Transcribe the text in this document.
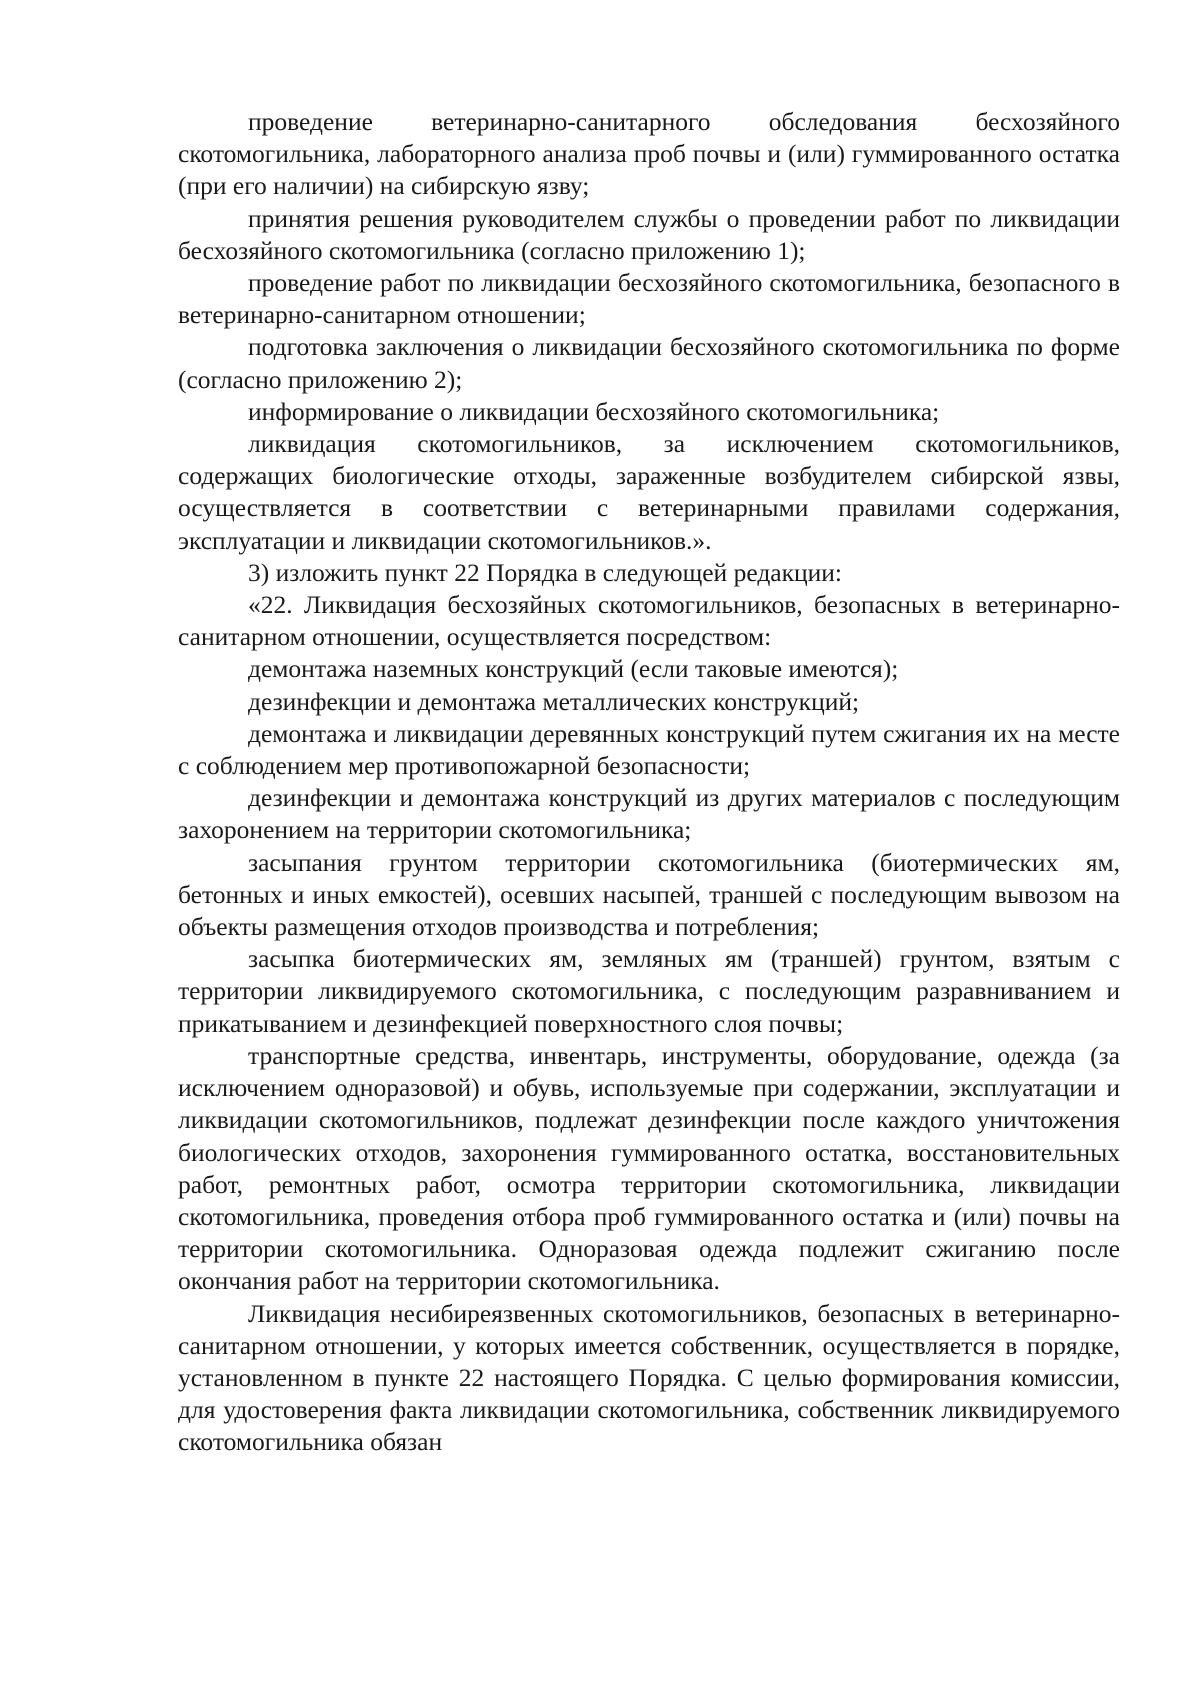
проведение ветеринарно-санитарного обследования бесхозяйного скотомогильника, лабораторного анализа проб почвы и (или) гуммированного остатка (при его наличии) на сибирскую язву;

принятия решения руководителем службы о проведении работ по ликвидации бесхозяйного скотомогильника (согласно приложению 1);

проведение работ по ликвидации бесхозяйного скотомогильника, безопасного в ветеринарно-санитарном отношении;

подготовка заключения о ликвидации бесхозяйного скотомогильника по форме (согласно приложению 2);

информирование о ликвидации бесхозяйного скотомогильника;

ликвидация скотомогильников, за исключением скотомогильников, содержащих биологические отходы, зараженные возбудителем сибирской язвы, осуществляется в соответствии с ветеринарными правилами содержания, эксплуатации и ликвидации скотомогильников.».

3) изложить пункт 22 Порядка в следующей редакции:

«22. Ликвидация бесхозяйных скотомогильников, безопасных в ветеринарно-санитарном отношении, осуществляется посредством:

демонтажа наземных конструкций (если таковые имеются);

дезинфекции и демонтажа металлических конструкций;

демонтажа и ликвидации деревянных конструкций путем сжигания их на месте с соблюдением мер противопожарной безопасности;

дезинфекции и демонтажа конструкций из других материалов с последующим захоронением на территории скотомогильника;

засыпания грунтом территории скотомогильника (биотермических ям, бетонных и иных емкостей), осевших насыпей, траншей с последующим вывозом на объекты размещения отходов производства и потребления;

засыпка биотермических ям, земляных ям (траншей) грунтом, взятым с территории ликвидируемого скотомогильника, с последующим разравниванием и прикатыванием и дезинфекцией поверхностного слоя почвы;

транспортные средства, инвентарь, инструменты, оборудование, одежда (за исключением одноразовой) и обувь, используемые при содержании, эксплуатации и ликвидации скотомогильников, подлежат дезинфекции после каждого уничтожения биологических отходов, захоронения гуммированного остатка, восстановительных работ, ремонтных работ, осмотра территории скотомогильника, ликвидации скотомогильника, проведения отбора проб гуммированного остатка и (или) почвы на территории скотомогильника. Одноразовая одежда подлежит сжиганию после окончания работ на территории скотомогильника.

Ликвидация несибиреязвенных скотомогильников, безопасных в ветеринарно-санитарном отношении, у которых имеется собственник, осуществляется в порядке, установленном в пункте 22 настоящего Порядка. С целью формирования комиссии, для удостоверения факта ликвидации скотомогильника, собственник ликвидируемого скотомогильника обязан
